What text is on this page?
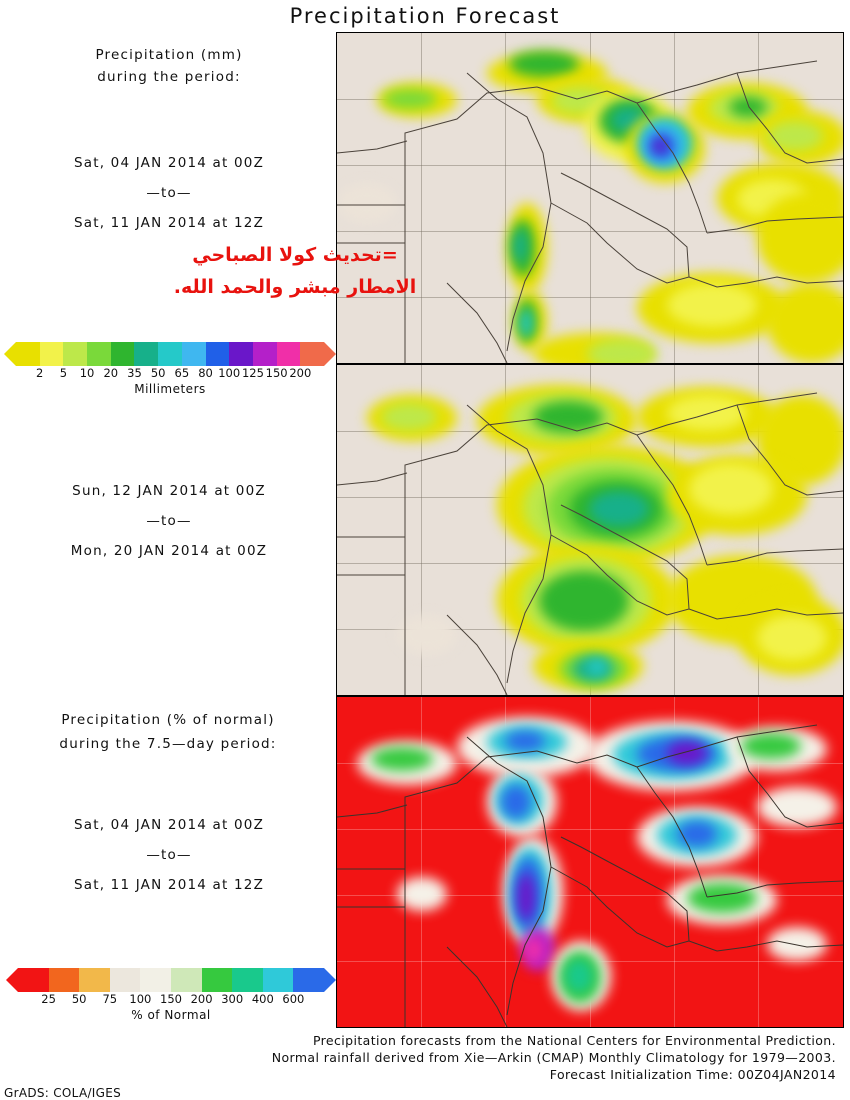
Precipitation Forecast
Precipitation (mm)
during the period:
Sat, 04 JAN 2014 at 00Z
—to—
Sat, 11 JAN 2014 at 12Z
=تحديث كولا الصباحي
الامطار مبشر والحمد الله.
Sun, 12 JAN 2014 at 00Z
—to—
Mon, 20 JAN 2014 at 00Z
Precipitation (% of normal)
during the 7.5—day period:
Sat, 04 JAN 2014 at 00Z
—to—
Sat, 11 JAN 2014 at 12Z
2 5 10 20 35 50 65 80 100 125 150 200
Millimeters
25 50 75 100 150 200 300 400 600
% of Normal
Precipitation forecasts from the National Centers for Environmental Prediction.
Normal rainfall derived from Xie—Arkin (CMAP) Monthly Climatology for 1979—2003.
Forecast Initialization Time: 00Z04JAN2014
GrADS: COLA/IGES
